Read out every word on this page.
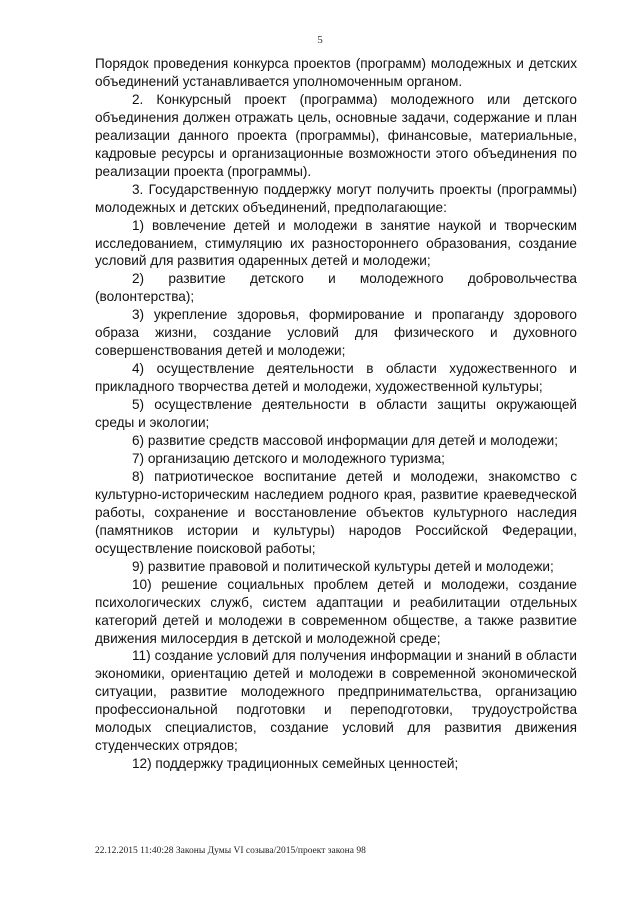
5

Порядок проведения конкурса проектов (программ) молодежных и детских объединений устанавливается уполномоченным органом.

2. Конкурсный проект (программа) молодежного или детского объединения должен отражать цель, основные задачи, содержание и план реализации данного проекта (программы), финансовые, материальные, кадровые ресурсы и организационные возможности этого объединения по реализации проекта (программы).

3. Государственную поддержку могут получить проекты (программы) молодежных и детских объединений, предполагающие:

1) вовлечение детей и молодежи в занятие наукой и творческим исследованием, стимуляцию их разностороннего образования, создание условий для развития одаренных детей и молодежи;

2) развитие детского и молодежного добровольчества (волонтерства);

3) укрепление здоровья, формирование и пропаганду здорового образа жизни, создание условий для физического и духовного совершенствования детей и молодежи;

4) осуществление деятельности в области художественного и прикладного творчества детей и молодежи, художественной культуры;

5) осуществление деятельности в области защиты окружающей среды и экологии;

6) развитие средств массовой информации для детей и молодежи;

7) организацию детского и молодежного туризма;

8) патриотическое воспитание детей и молодежи, знакомство с культурно-историческим наследием родного края, развитие краеведческой работы, сохранение и восстановление объектов культурного наследия (памятников истории и культуры) народов Российской Федерации, осуществление поисковой работы;

9) развитие правовой и политической культуры детей и молодежи;

10) решение социальных проблем детей и молодежи, создание психологических служб, систем адаптации и реабилитации отдельных категорий детей и молодежи в современном обществе, а также развитие движения милосердия в детской и молодежной среде;

11) создание условий для получения информации и знаний в области экономики, ориентацию детей и молодежи в современной экономической ситуации, развитие молодежного предпринимательства, организацию профессиональной подготовки и переподготовки, трудоустройства молодых специалистов, создание условий для развития движения студенческих отрядов;

12) поддержку традиционных семейных ценностей;

22.12.2015 11:40:28 Законы Думы VI созыва/2015/проект закона 98
